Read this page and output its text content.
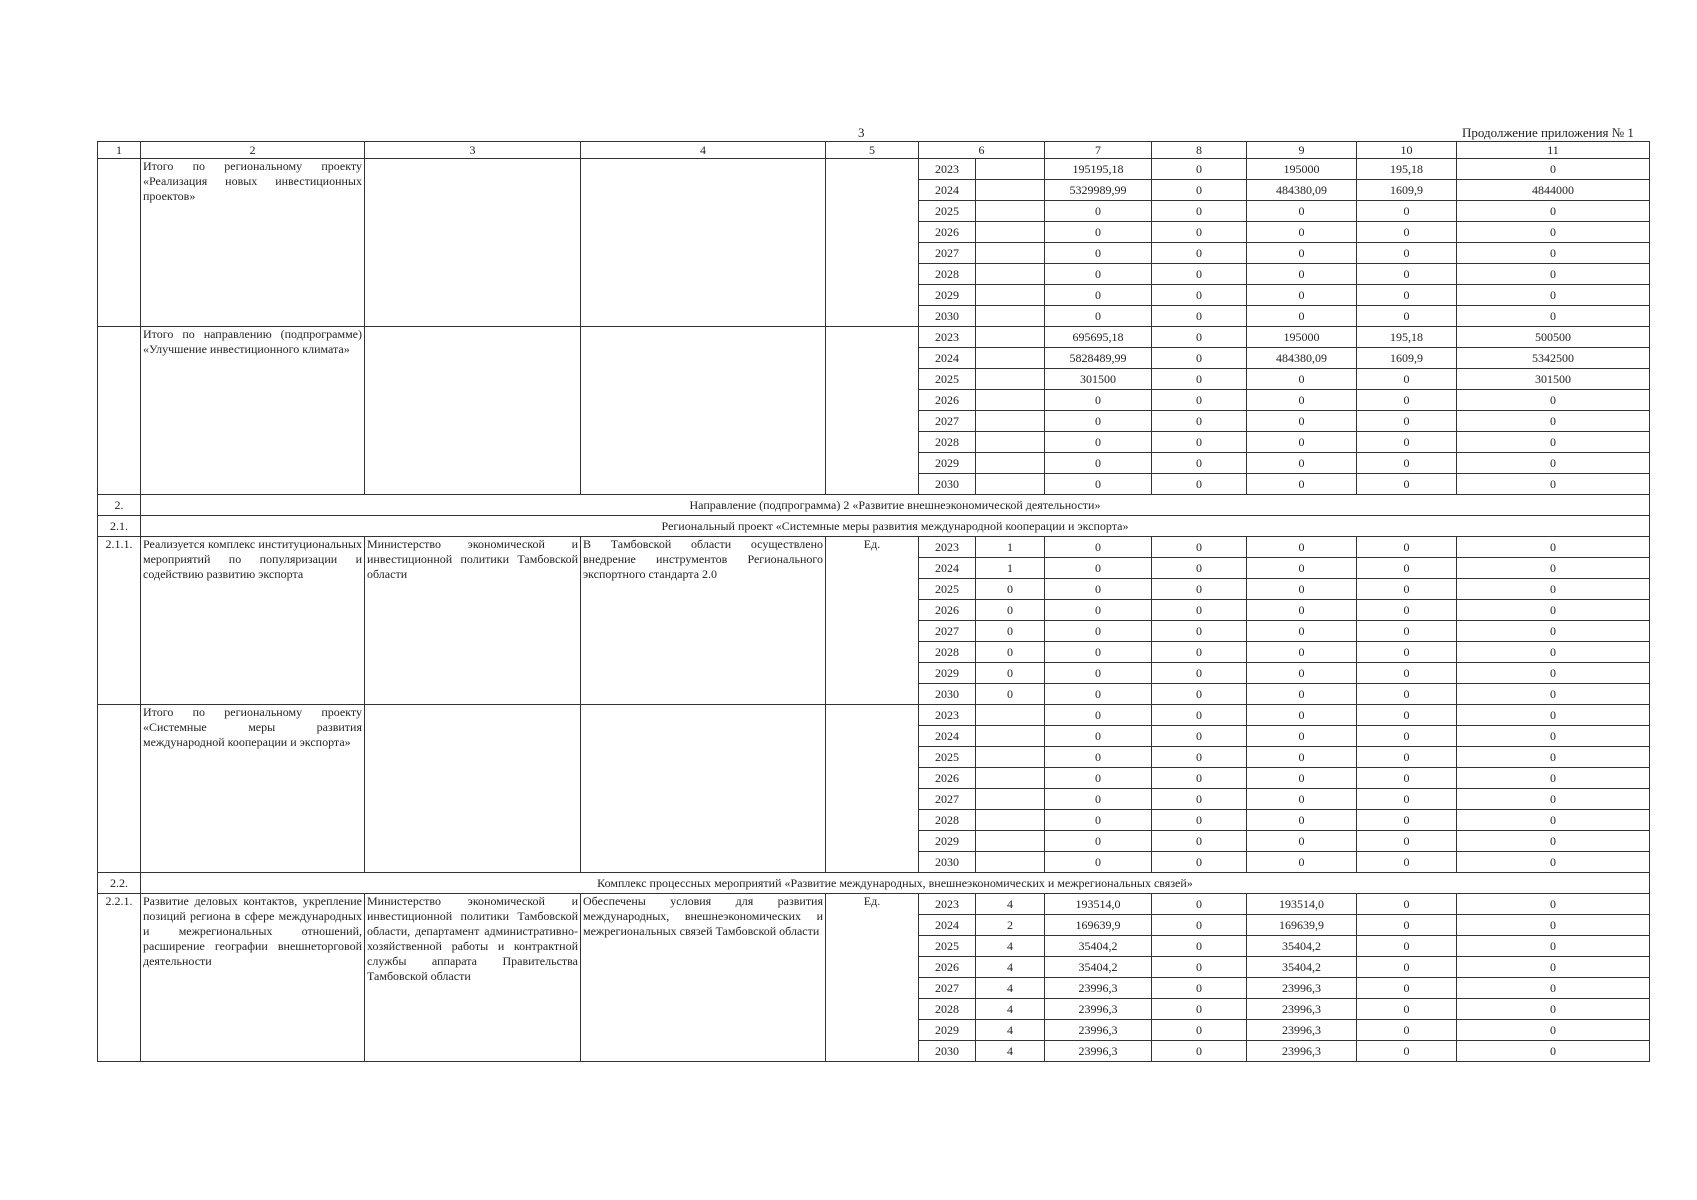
3	Продолжение приложения № 1
1	2	3	4	5	6		7	8	9	10	11
	Итого по региональному проекту «Реализация новых инвестиционных проектов»				2023		195195,18	0	195000	195,18	0
					2024		5329989,99	0	484380,09	1609,9	4844000
					2025		0	0	0	0	0
					2026		0	0	0	0	0
					2027		0	0	0	0	0
					2028		0	0	0	0	0
					2029		0	0	0	0	0
					2030		0	0	0	0	0
	Итого по направлению (подпрограмме) «Улучшение инвестиционного климата»				2023		695695,18	0	195000	195,18	500500
					2024		5828489,99	0	484380,09	1609,9	5342500
					2025		301500	0	0	0	301500
					2026		0	0	0	0	0
					2027		0	0	0	0	0
					2028		0	0	0	0	0
					2029		0	0	0	0	0
					2030		0	0	0	0	0
2.	Направление (подпрограмма) 2 «Развитие внешнеэкономической деятельности»										
2.1.	Региональный проект «Системные меры развития международной кооперации и экспорта»										
2.1.1.	Реализуется комплекс институциональных мероприятий по популяризации и содействию развитию экспорта	Министерство экономической и инвестиционной политики Тамбовской области	В Тамбовской области осуществлено внедрение инструментов Регионального экспортного стандарта 2.0	Ед.	2023	1	0	0	0	0	0
					2024	1	0	0	0	0	0
					2025	0	0	0	0	0	0
					2026	0	0	0	0	0	0
					2027	0	0	0	0	0	0
					2028	0	0	0	0	0	0
					2029	0	0	0	0	0	0
					2030	0	0	0	0	0	0
	Итого по региональному проекту «Системные меры развития международной кооперации и экспорта»				2023		0	0	0	0	0
					2024		0	0	0	0	0
					2025		0	0	0	0	0
					2026		0	0	0	0	0
					2027		0	0	0	0	0
					2028		0	0	0	0	0
					2029		0	0	0	0	0
					2030		0	0	0	0	0
2.2.	Комплекс процессных мероприятий «Развитие международных, внешнеэкономических и межрегиональных связей»										
2.2.1.	Развитие деловых контактов, укрепление позиций региона в сфере международных и межрегиональных отношений, расширение географии внешнеторговой деятельности	Министерство экономической и инвестиционной политики Тамбовской области, департамент административно-хозяйственной работы и контрактной службы аппарата Правительства Тамбовской области	Обеспечены условия для развития международных, внешнеэкономических и межрегиональных связей Тамбовской области	Ед.	2023	4	193514,0	0	193514,0	0	0
					2024	2	169639,9	0	169639,9	0	0
					2025	4	35404,2	0	35404,2	0	0
					2026	4	35404,2	0	35404,2	0	0
					2027	4	23996,3	0	23996,3	0	0
					2028	4	23996,3	0	23996,3	0	0
					2029	4	23996,3	0	23996,3	0	0
					2030	4	23996,3	0	23996,3	0	0
